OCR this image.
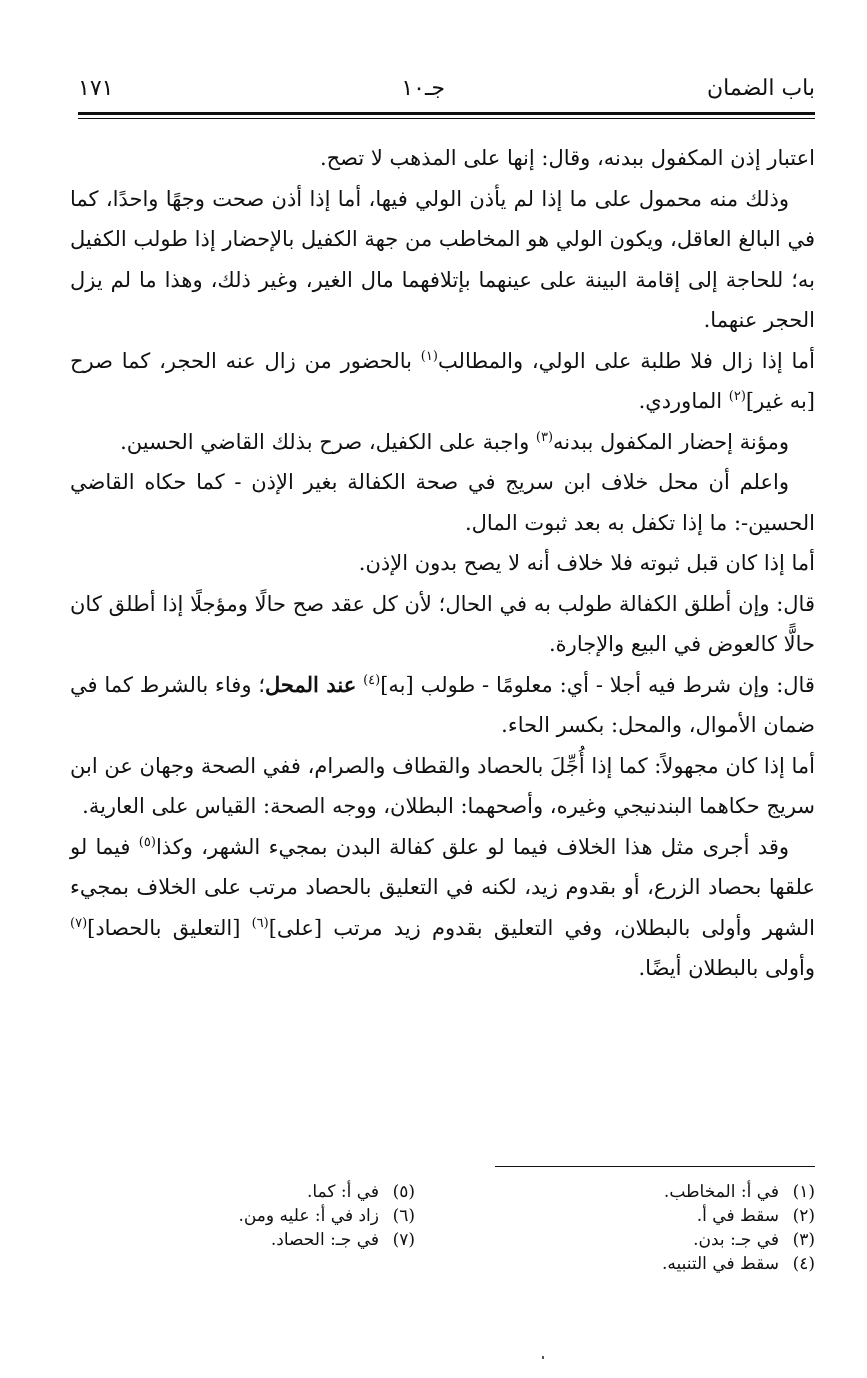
باب الضمان
جـ١٠
١٧١

اعتبار إذن المكفول ببدنه، وقال: إنها على المذهب لا تصح.

وذلك منه محمول على ما إذا لم يأذن الولي فيها، أما إذا أذن صحت وجهًا واحدًا، كما في البالغ العاقل، ويكون الولي هو المخاطب من جهة الكفيل بالإحضار إذا طولب الكفيل به؛ للحاجة إلى إقامة البينة على عينهما بإتلافهما مال الغير، وغير ذلك، وهذا ما لم يزل الحجر عنهما.

أما إذا زال فلا طلبة على الولي، والمطالب$^{(١)}$ بالحضور من زال عنه الحجر، كما صرح [به غير]$^{(٢)}$ الماوردي.

ومؤنة إحضار المكفول ببدنه$^{(٣)}$ واجبة على الكفيل، صرح بذلك القاضي الحسين.

واعلم أن محل خلاف ابن سريج في صحة الكفالة بغير الإذن - كما حكاه القاضي الحسين-: ما إذا تكفل به بعد ثبوت المال.

أما إذا كان قبل ثبوته فلا خلاف أنه لا يصح بدون الإذن.

قال: وإن أطلق الكفالة طولب به في الحال؛ لأن كل عقد صح حالًا ومؤجلًا إذا أطلق كان حالًّا كالعوض في البيع والإجارة.

قال: وإن شرط فيه أجلا - أي: معلومًا - طولب [به]$^{(٤)}$ عند المحل؛ وفاء بالشرط كما في ضمان الأموال، والمحل: بكسر الحاء.

أما إذا كان مجهولاً: كما إذا أُجِّلَ بالحصاد والقطاف والصرام، ففي الصحة وجهان عن ابن سريج حكاهما البندنيجي وغيره، وأصحهما: البطلان، ووجه الصحة: القياس على العارية.

وقد أجرى مثل هذا الخلاف فيما لو علق كفالة البدن بمجيء الشهر، وكذا$^{(٥)}$ فيما لو علقها بحصاد الزرع، أو بقدوم زيد، لكنه في التعليق بالحصاد مرتب على الخلاف بمجيء الشهر وأولى بالبطلان، وفي التعليق بقدوم زيد مرتب [على]$^{(٦)}$ [التعليق بالحصاد]$^{(٧)}$ وأولى بالبطلان أيضًا.

(١)في أ: المخاطب.
(٢)سقط في أ.
(٣)في جـ: بدن.
(٤)سقط في التنبيه.
(٥)في أ: كما.
(٦)زاد في أ: عليه ومن.
(٧)في جـ: الحصاد.
